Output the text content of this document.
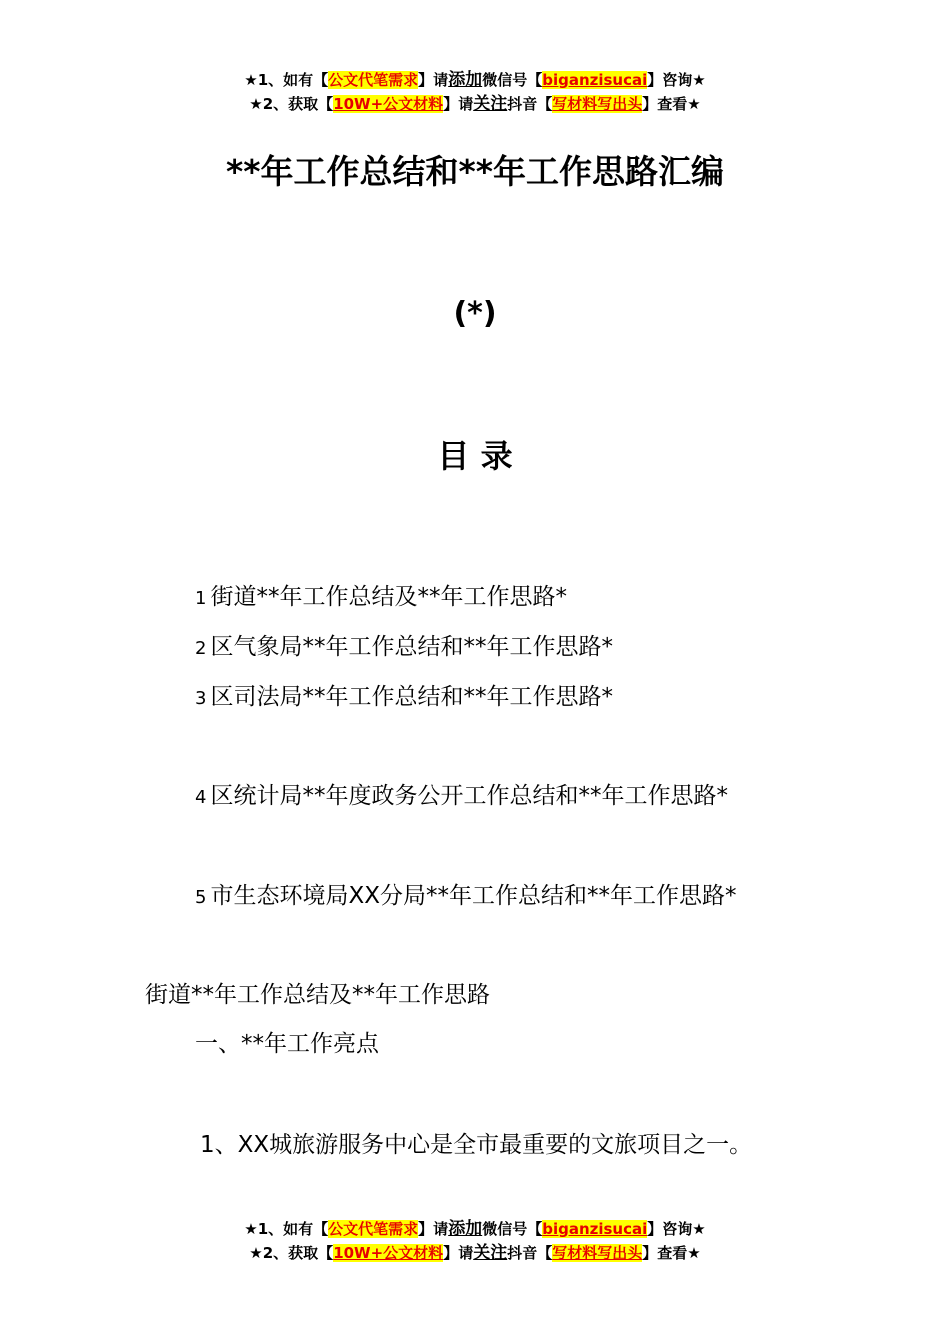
★1、如有【公文代笔需求】请添加微信号【biganzisucai】咨询★
★2、获取【10W+公文材料】请关注抖音【写材料写出头】查看★
**年工作总结和**年工作思路汇编
(*)
目 录
1 街道**年工作总结及**年工作思路*
2 区气象局**年工作总结和**年工作思路*
3 区司法局**年工作总结和**年工作思路*
4 区统计局**年度政务公开工作总结和**年工作思路*
5 市生态环境局XX分局**年工作总结和**年工作思路*
街道**年工作总结及**年工作思路
一、**年工作亮点
1、XX城旅游服务中心是全市最重要的文旅项目之一。
★1、如有【公文代笔需求】请添加微信号【biganzisucai】咨询★
★2、获取【10W+公文材料】请关注抖音【写材料写出头】查看★
